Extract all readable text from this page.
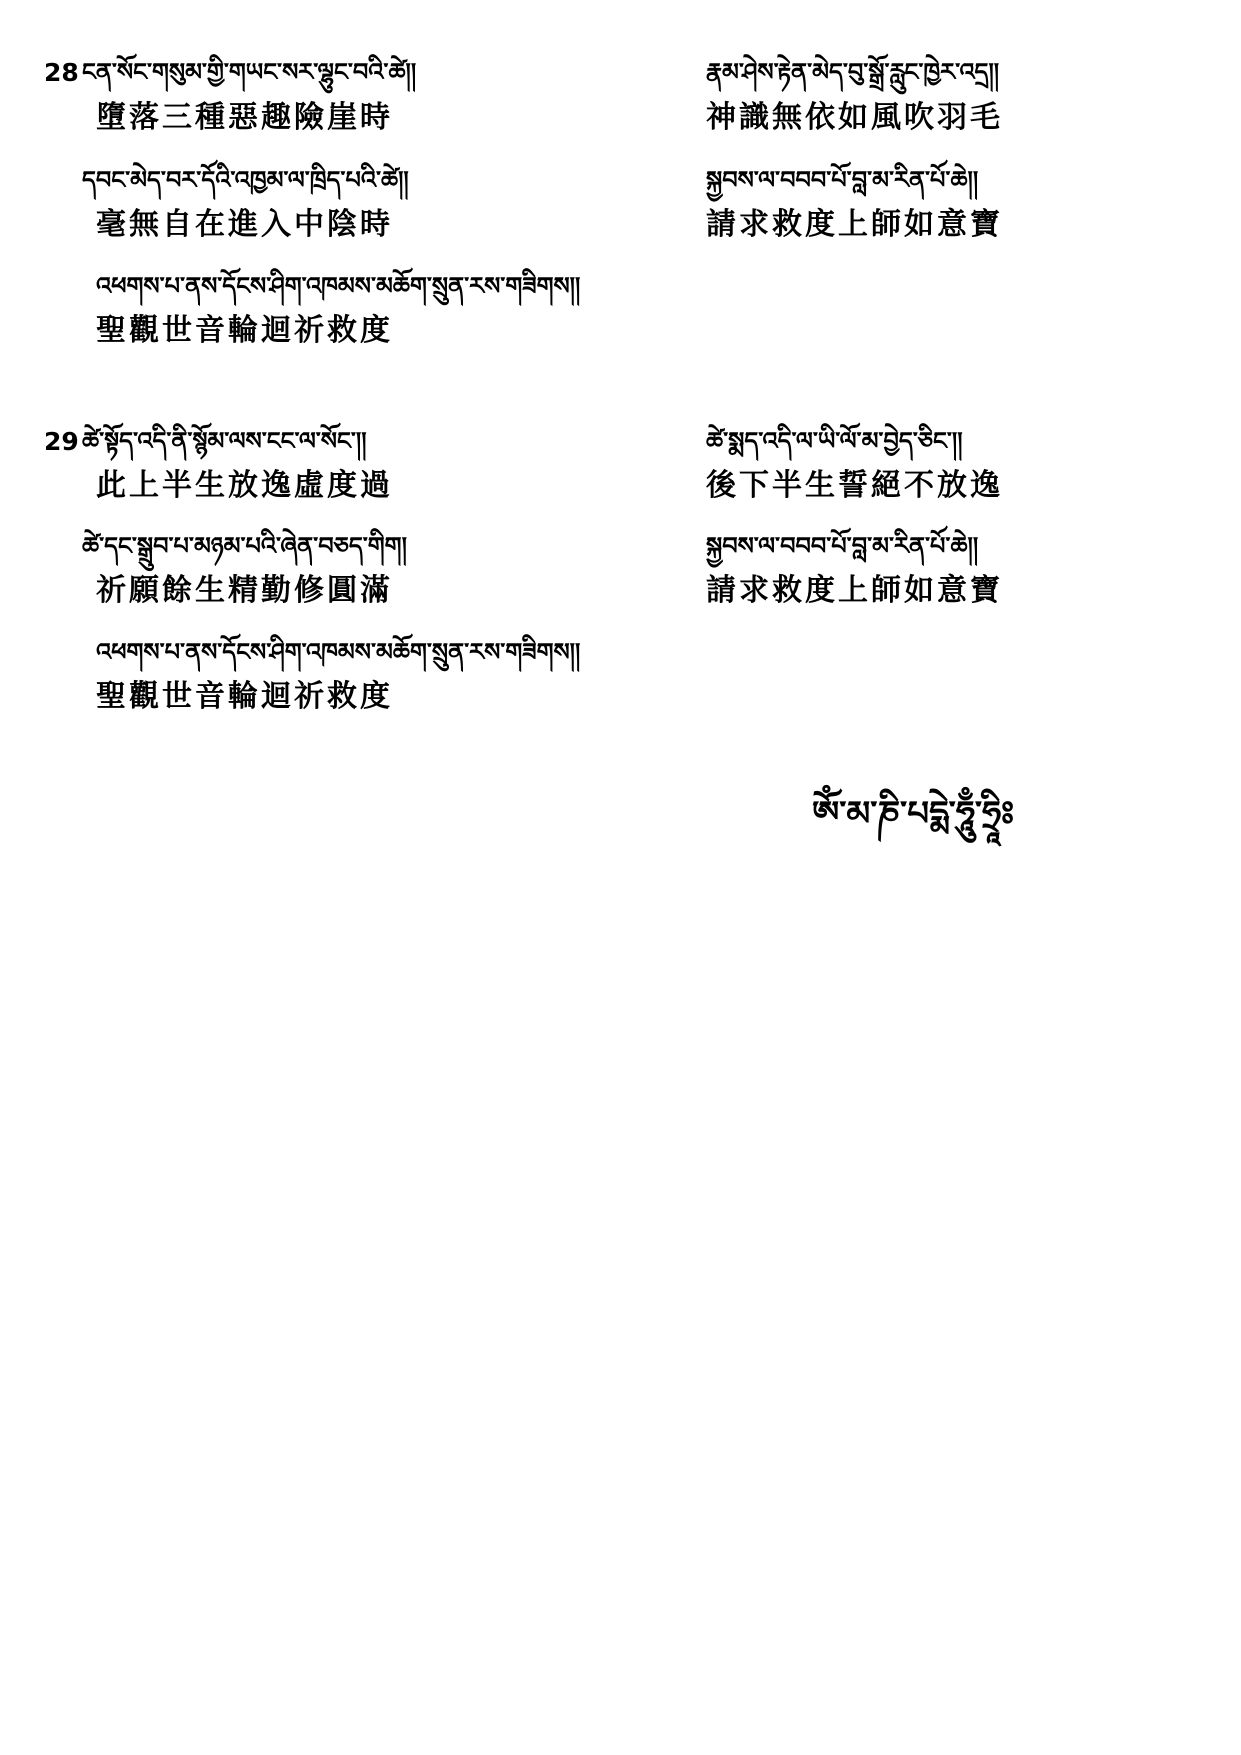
28 ངན་སོང་གསུམ་གྱི་གཡང་སར་ལྷུང་བའི་ཚེ།།
墮落三種惡趣險崖時
དབང་མེད་བར་དོའི་འཁྱམ་ལ་ཁྲིད་པའི་ཚེ།།
毫無自在進入中陰時
འཕགས་པ་ནས་དོངས་ཤིག་འཁམས་མཆོག་སྲུན་རས་གཟིགས།།
聖觀世音輪迴祈救度
རྣམ་ཤེས་རྟེན་མེད་བུ་སྒྲོ་རླུང་ཁྱེར་འདྲ།།
神識無依如風吹羽毛
སྐྱབས་ལ་བབབ་པོ་བླ་མ་རིན་པོ་ཆེ།།
請求救度上師如意寶
29 ཚེ་སྟོད་འདི་ནི་སྙོམ་ལས་ངང་ལ་སོང་།།
此上半生放逸虛度過
ཚེ་དང་སྒྲུབ་པ་མཉམ་པའི་ཞེན་བཅད་གིག།
祈願餘生精勤修圓滿
འཕགས་པ་ནས་དོངས་ཤིག་འཁམས་མཆོག་སྲུན་རས་གཟིགས།།
聖觀世音輪迴祈救度
ཚེ་སྨད་འདི་ལ་ཡི་ལོ་མ་བྱེད་ཅིང་།།
後下半生誓絕不放逸
སྐྱབས་ལ་བབབ་པོ་བླ་མ་རིན་པོ་ཆེ།།
請求救度上師如意寶
ཨོཾ་མ་ཎི་པདྨེ་ཧཱུྃ་ཧྲཱིཿ
